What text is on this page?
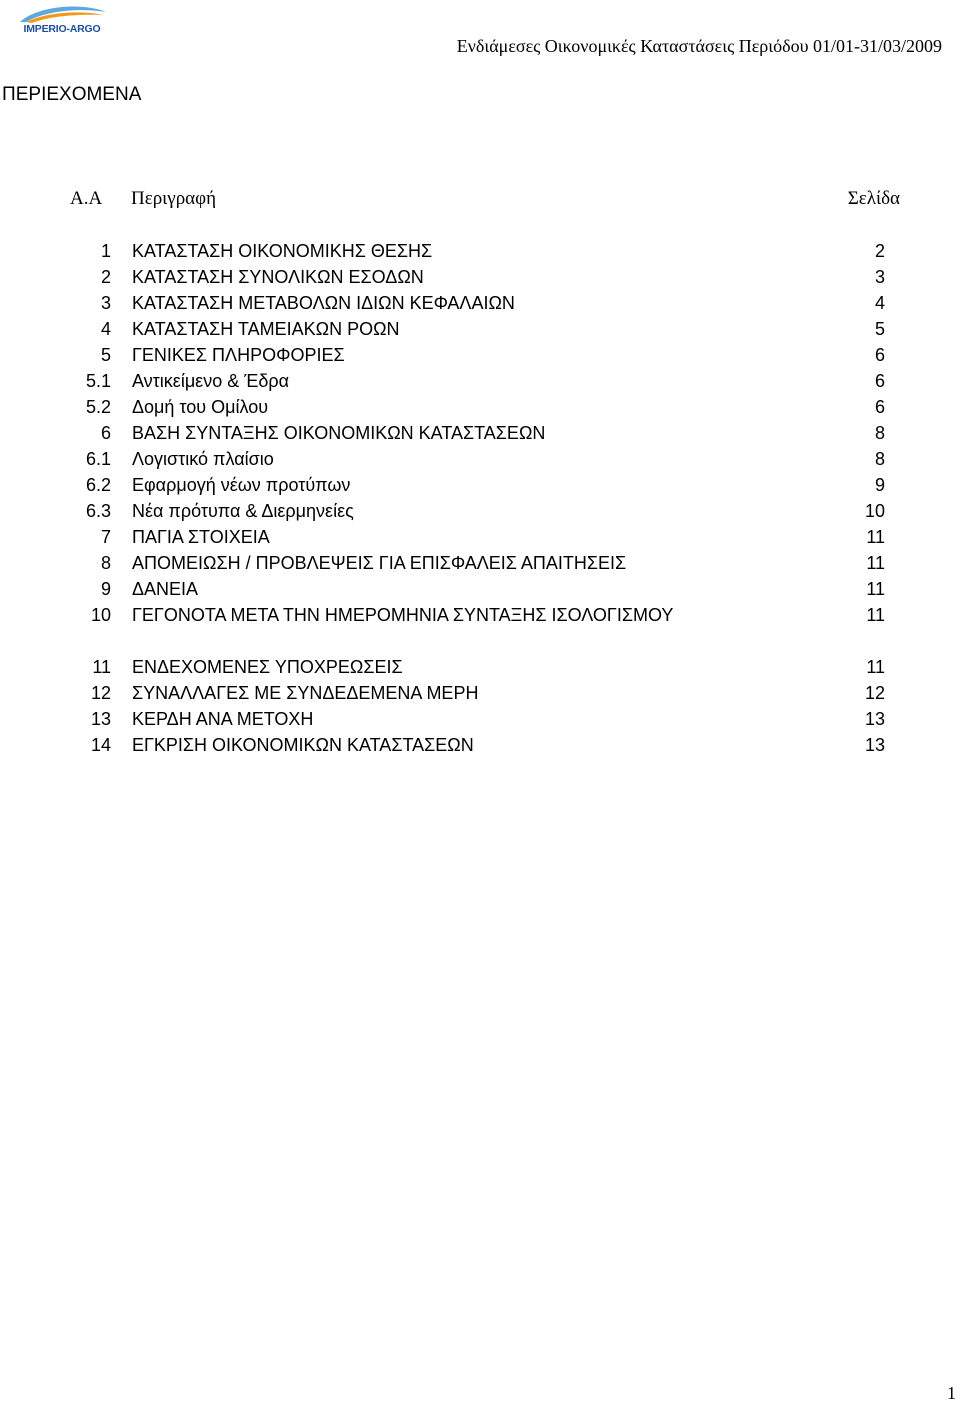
IMPERIO-ARGO
Ενδιάμεσες Οικονομικές Καταστάσεις Περιόδου 01/01-31/03/2009
ΠΕΡΙΕΧΟΜΕΝΑ
Α.Α Περιγραφή	Σελίδα
1 ΚΑΤΑΣΤΑΣΗ ΟΙΚΟΝΟΜΙΚΗΣ ΘΕΣΗΣ	2
2 ΚΑΤΑΣΤΑΣΗ ΣΥΝΟΛΙΚΩΝ ΕΣΟΔΩΝ	3
3 ΚΑΤΑΣΤΑΣΗ ΜΕΤΑΒΟΛΩΝ ΙΔΙΩΝ ΚΕΦΑΛΑΙΩΝ	4
4 ΚΑΤΑΣΤΑΣΗ ΤΑΜΕΙΑΚΩΝ ΡΟΩΝ	5
5 ΓΕΝΙΚΕΣ ΠΛΗΡΟΦΟΡΙΕΣ	6
5.1 Αντικείμενο & Έδρα	6
5.2 Δομή του Ομίλου	6
6 ΒΑΣΗ ΣΥΝΤΑΞΗΣ ΟΙΚΟΝΟΜΙΚΩΝ ΚΑΤΑΣΤΑΣΕΩΝ	8
6.1 Λογιστικό πλαίσιο	8
6.2 Εφαρμογή νέων προτύπων	9
6.3 Νέα πρότυπα & Διερμηνείες	10
7 ΠΑΓΙΑ ΣΤΟΙΧΕΙΑ	11
8 ΑΠΟΜΕΙΩΣΗ / ΠΡΟΒΛΕΨΕΙΣ ΓΙΑ ΕΠΙΣΦΑΛΕΙΣ ΑΠΑΙΤΗΣΕΙΣ	11
9 ΔΑΝΕΙΑ	11
10 ΓΕΓΟΝΟΤΑ ΜΕΤΑ ΤΗΝ ΗΜΕΡΟΜΗΝΙΑ ΣΥΝΤΑΞΗΣ ΙΣΟΛΟΓΙΣΜΟΥ	11
11 ΕΝΔΕΧΟΜΕΝΕΣ ΥΠΟΧΡΕΩΣΕΙΣ	11
12 ΣΥΝΑΛΛΑΓΕΣ ΜΕ ΣΥΝΔΕΔΕΜΕΝΑ ΜΕΡΗ	12
13 ΚΕΡΔΗ ΑΝΑ ΜΕΤΟΧΗ	13
14 ΕΓΚΡΙΣΗ ΟΙΚΟΝΟΜΙΚΩΝ ΚΑΤΑΣΤΑΣΕΩΝ	13
1
